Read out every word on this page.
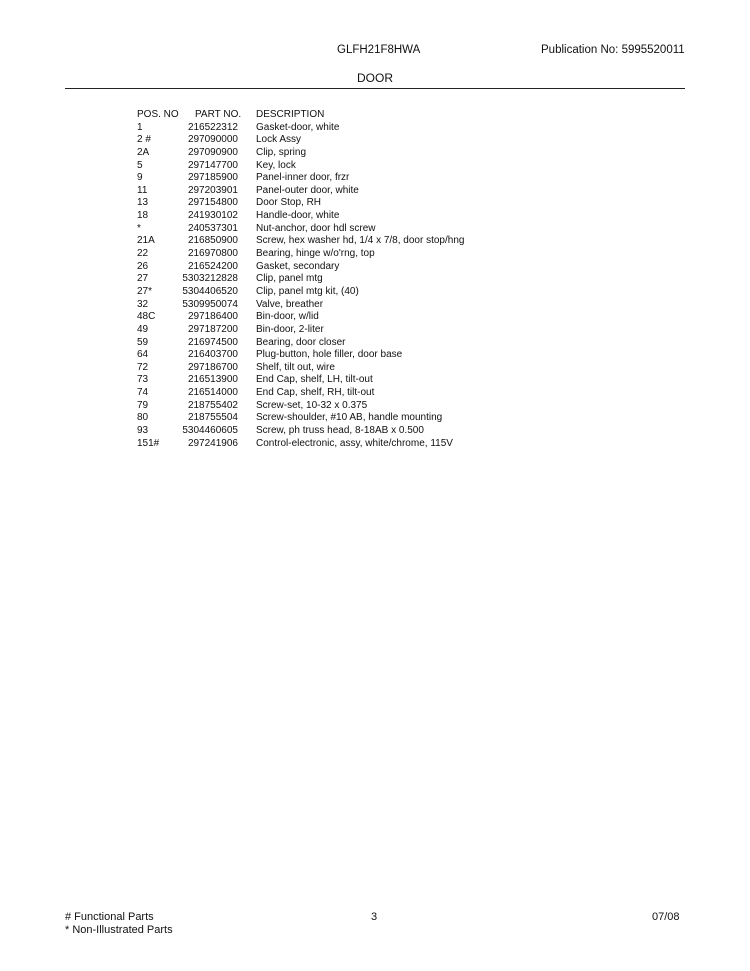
GLFH21F8HWA	Publication No: 5995520011
DOOR
POS. NO PART NO. DESCRIPTION
1	216522312 Gasket-door, white
2 #	297090000 Lock Assy
2A	297090900 Clip, spring
5	297147700 Key, lock
9	297185900 Panel-inner door, frzr
11	297203901 Panel-outer door, white
13	297154800 Door Stop, RH
18	241930102 Handle-door, white
*	240537301 Nut-anchor, door hdl screw
21A	216850900 Screw, hex washer hd, 1/4 x 7/8, door stop/hng
22	216970800 Bearing, hinge w/o'rng, top
26	216524200 Gasket, secondary
27	5303212828 Clip, panel mtg
27*	5304406520 Clip, panel mtg kit, (40)
32	5309950074 Valve, breather
48C	297186400 Bin-door, w/lid
49	297187200 Bin-door, 2-liter
59	216974500 Bearing, door closer
64	216403700 Plug-button, hole filler, door base
72	297186700 Shelf, tilt out, wire
73	216513900 End Cap, shelf, LH, tilt-out
74	216514000 End Cap, shelf, RH, tilt-out
79	218755402 Screw-set, 10-32 x 0.375
80	218755504 Screw-shoulder, #10 AB, handle mounting
93	5304460605 Screw, ph truss head, 8-18AB x 0.500
151#	297241906 Control-electronic, assy, white/chrome, 115V
# Functional Parts
* Non-Illustrated Parts
3	07/08
